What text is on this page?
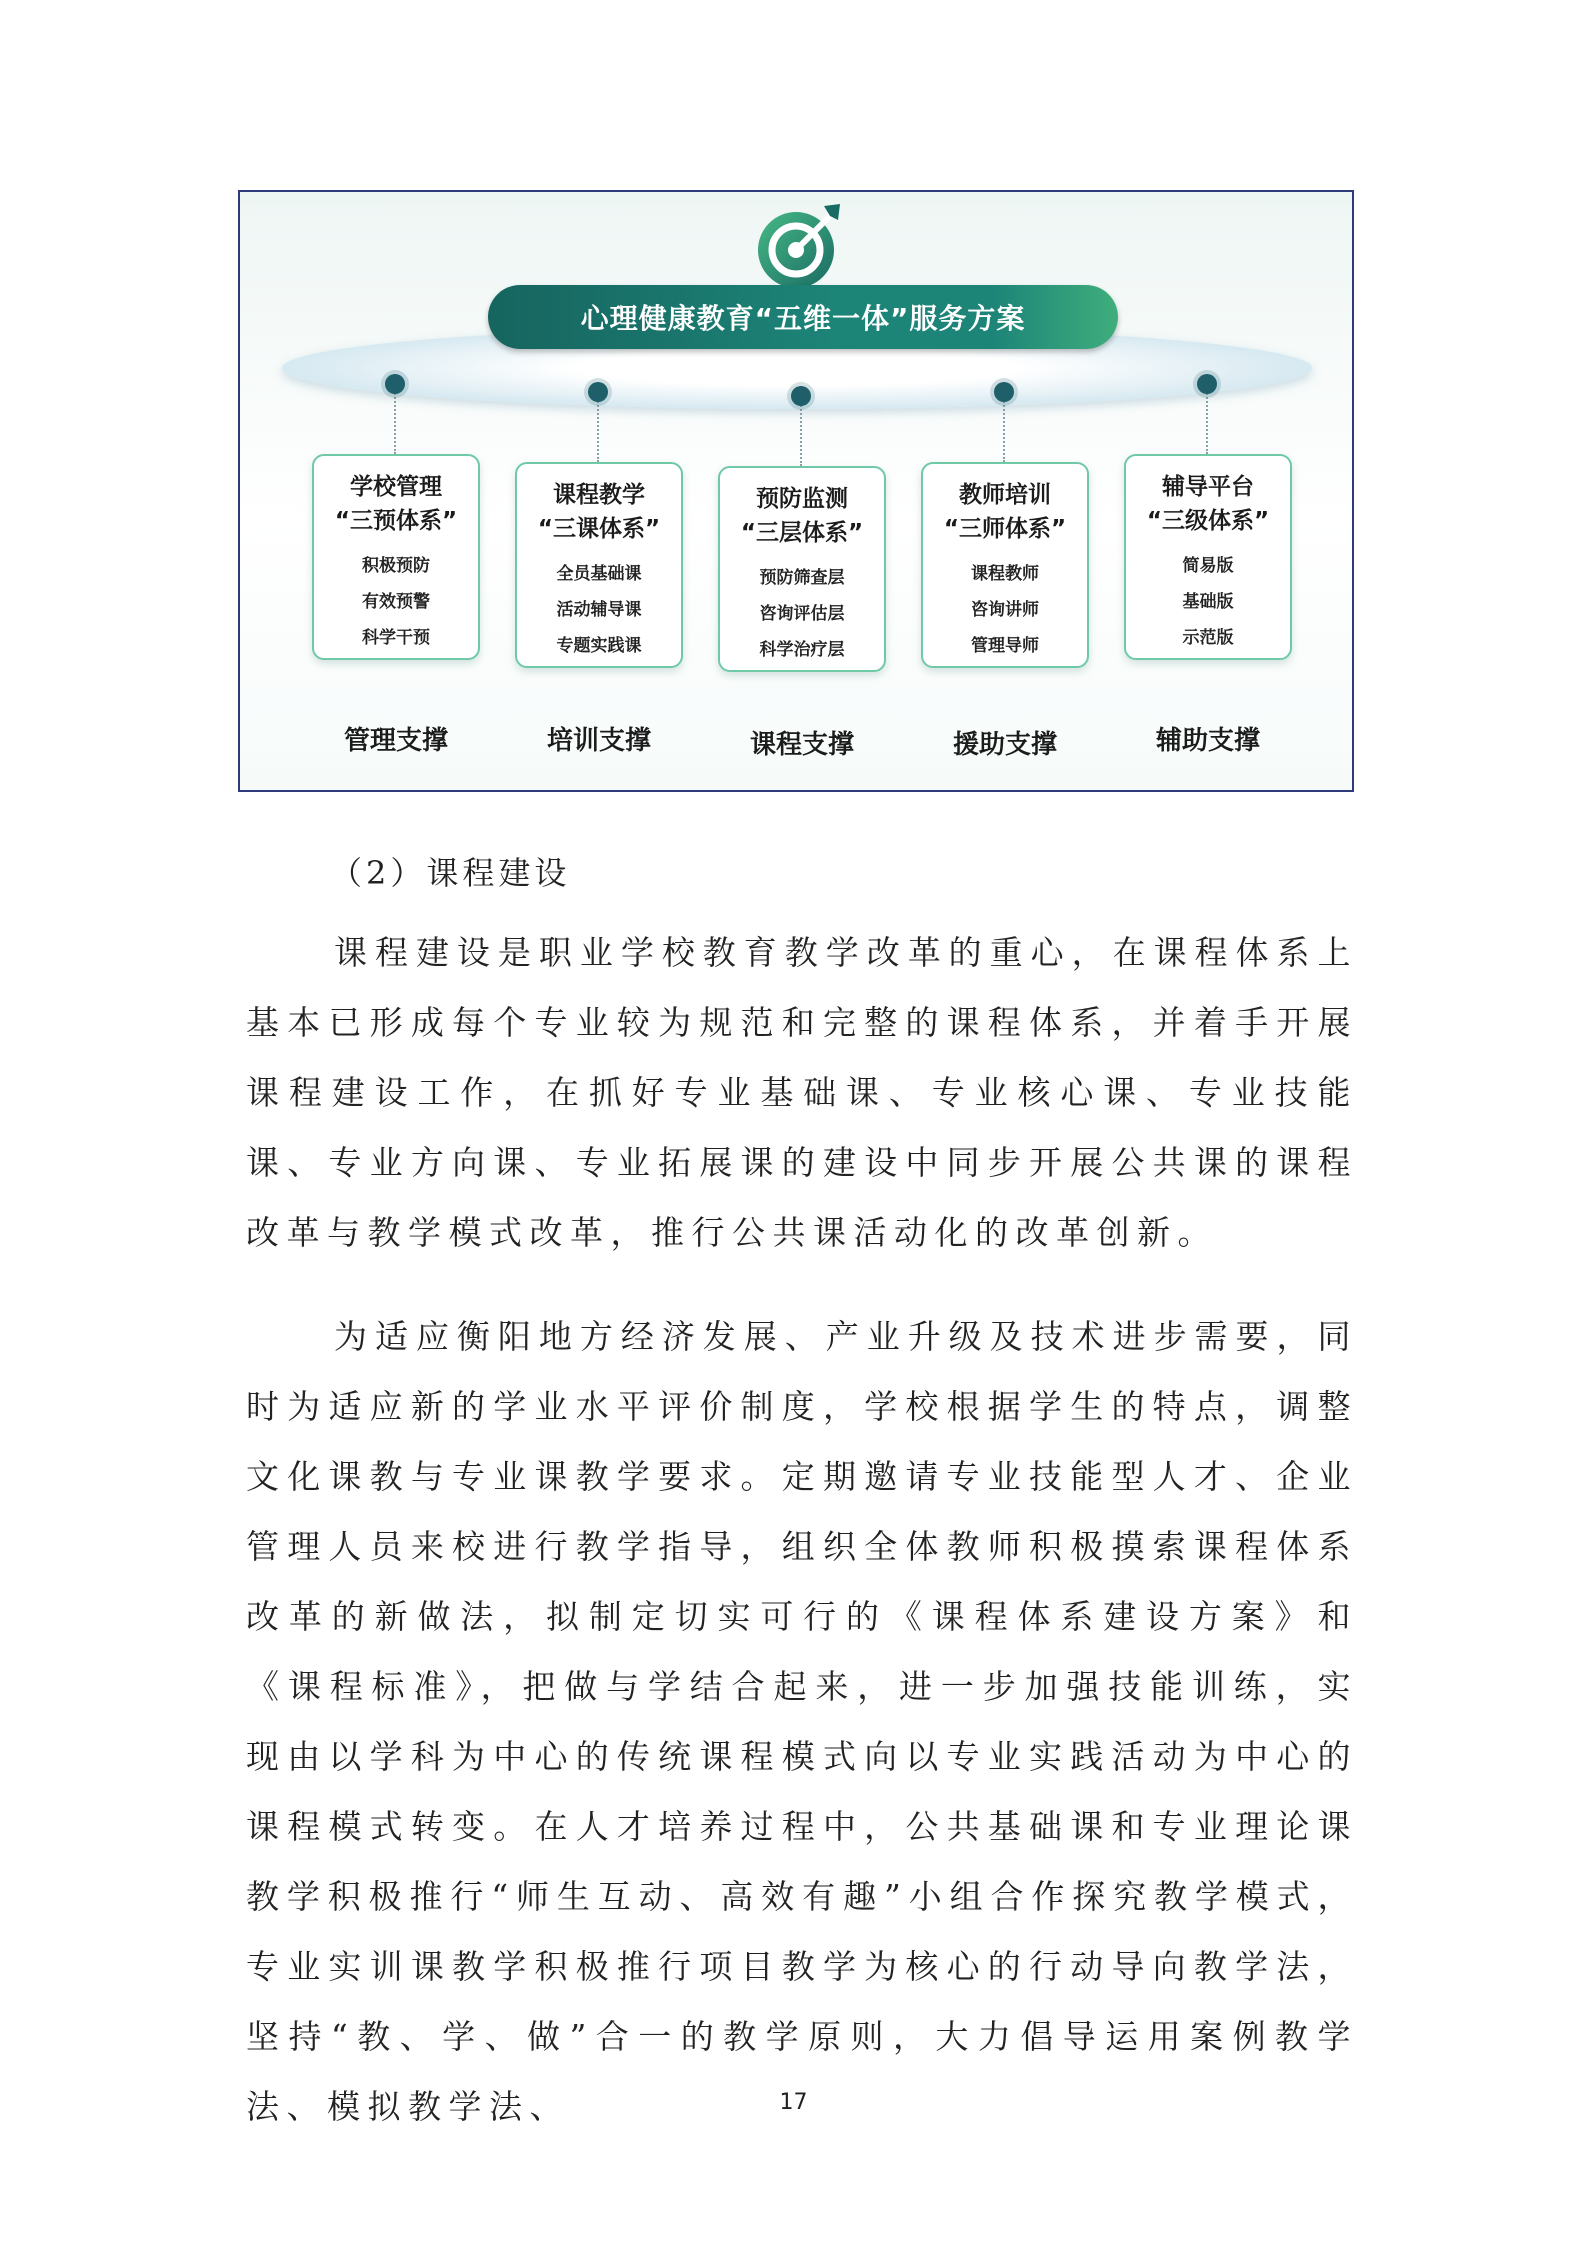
心理健康教育“五维一体”服务方案
学校管理
“三预体系”
积极预防
有效预警
科学干预
课程教学
“三课体系”
全员基础课
活动辅导课
专题实践课
预防监测
“三层体系”
预防筛查层
咨询评估层
科学治疗层
教师培训
“三师体系”
课程教师
咨询讲师
管理导师
辅导平台
“三级体系”
简易版
基础版
示范版
管理支撑	培训支撑	课程支撑	援助支撑	辅助支撑
（2）课程建设
课程建设是职业学校教育教学改革的重心，在课程体系上基本已形成每个专业较为规范和完整的课程体系，并着手开展课程建设工作，在抓好专业基础课、专业核心课、专业技能课、专业方向课、专业拓展课的建设中同步开展公共课的课程改革与教学模式改革，推行公共课活动化的改革创新。
为适应衡阳地方经济发展、产业升级及技术进步需要，同时为适应新的学业水平评价制度，学校根据学生的特点，调整文化课教与专业课教学要求。定期邀请专业技能型人才、企业管理人员来校进行教学指导，组织全体教师积极摸索课程体系改革的新做法，拟制定切实可行的《课程体系建设方案》和《课程标准》，把做与学结合起来，进一步加强技能训练，实现由以学科为中心的传统课程模式向以专业实践活动为中心的课程模式转变。在人才培养过程中，公共基础课和专业理论课教学积极推行“师生互动、高效有趣”小组合作探究教学模式，专业实训课教学积极推行项目教学为核心的行动导向教学法，坚持“教、学、做”合一的教学原则，大力倡导运用案例教学法、模拟教学法、	17
